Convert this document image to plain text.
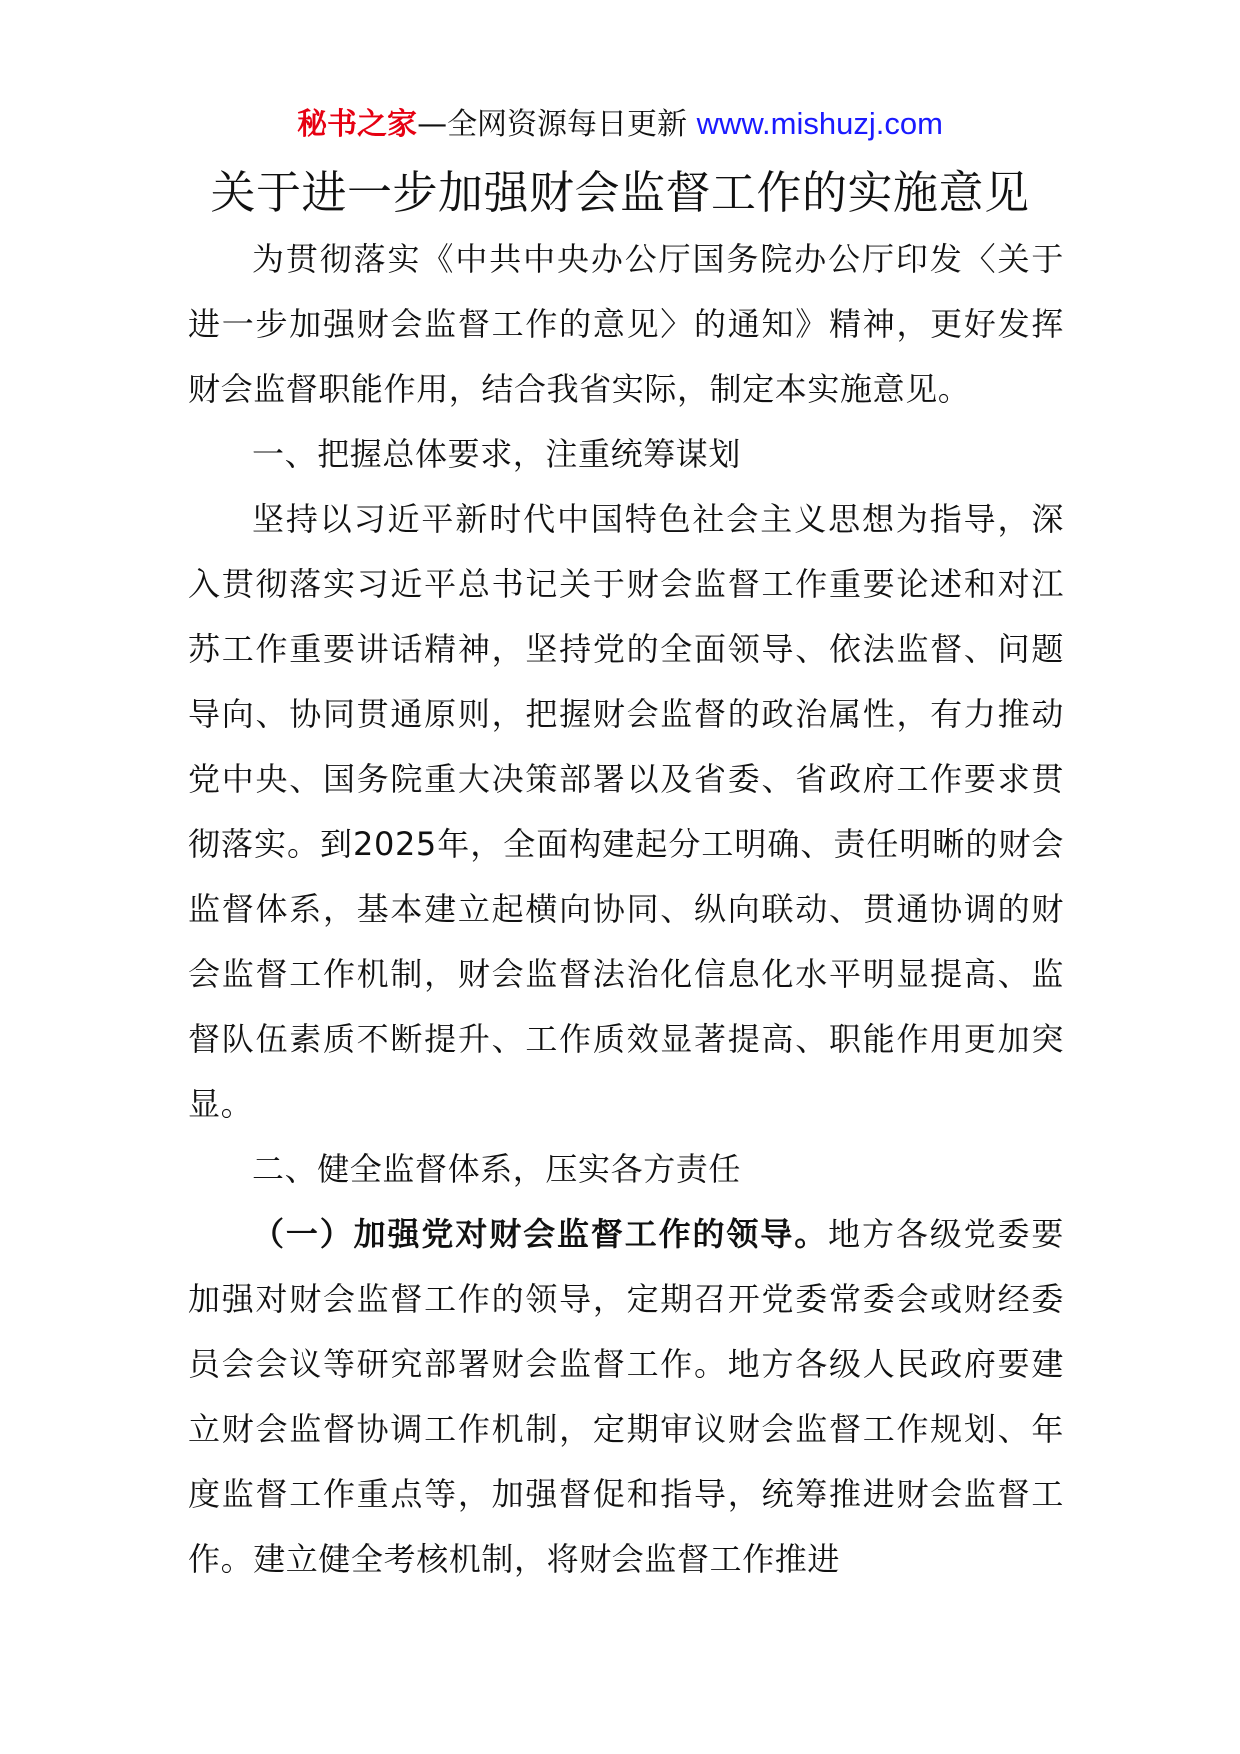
秘书之家—全网资源每日更新 www.mishuzj.com
关于进一步加强财会监督工作的实施意见

为贯彻落实《中共中央办公厅国务院办公厅印发〈关于进一步加强财会监督工作的意见〉的通知》精神，更好发挥财会监督职能作用，结合我省实际，制定本实施意见。

一、把握总体要求，注重统筹谋划

坚持以习近平新时代中国特色社会主义思想为指导，深入贯彻落实习近平总书记关于财会监督工作重要论述和对江苏工作重要讲话精神，坚持党的全面领导、依法监督、问题导向、协同贯通原则，把握财会监督的政治属性，有力推动党中央、国务院重大决策部署以及省委、省政府工作要求贯彻落实。到2025年，全面构建起分工明确、责任明晰的财会监督体系，基本建立起横向协同、纵向联动、贯通协调的财会监督工作机制，财会监督法治化信息化水平明显提高、监督队伍素质不断提升、工作质效显著提高、职能作用更加突显。

二、健全监督体系，压实各方责任

（一）加强党对财会监督工作的领导。地方各级党委要加强对财会监督工作的领导，定期召开党委常委会或财经委员会会议等研究部署财会监督工作。地方各级人民政府要建立财会监督协调工作机制，定期审议财会监督工作规划、年度监督工作重点等，加强督促和指导，统筹推进财会监督工作。建立健全考核机制，将财会监督工作推进
